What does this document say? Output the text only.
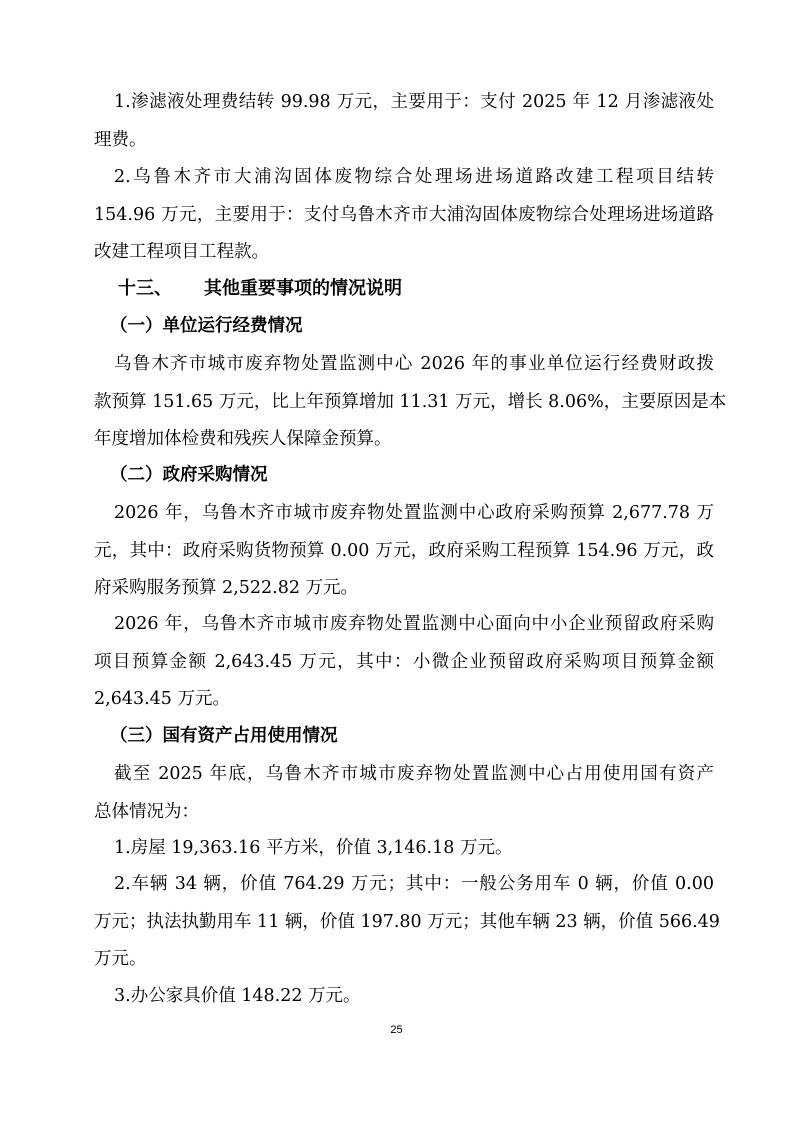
1.渗滤液处理费结转 99.98 万元，主要用于：支付 2025 年 12 月渗滤液处
理费。
2.乌鲁木齐市大浦沟固体废物综合处理场进场道路改建工程项目结转
154.96 万元，主要用于：支付乌鲁木齐市大浦沟固体废物综合处理场进场道路
改建工程项目工程款。
十三、 其他重要事项的情况说明
（一）单位运行经费情况
乌鲁木齐市城市废弃物处置监测中心 2026 年的事业单位运行经费财政拨
款预算 151.65 万元，比上年预算增加 11.31 万元，增长 8.06%，主要原因是本
年度增加体检费和残疾人保障金预算。
（二）政府采购情况
2026 年，乌鲁木齐市城市废弃物处置监测中心政府采购预算 2,677.78 万
元，其中：政府采购货物预算 0.00 万元，政府采购工程预算 154.96 万元，政
府采购服务预算 2,522.82 万元。
2026 年，乌鲁木齐市城市废弃物处置监测中心面向中小企业预留政府采购
项目预算金额 2,643.45 万元，其中：小微企业预留政府采购项目预算金额
2,643.45 万元。
（三）国有资产占用使用情况
截至 2025 年底，乌鲁木齐市城市废弃物处置监测中心占用使用国有资产
总体情况为：
1.房屋 19,363.16 平方米，价值 3,146.18 万元。
2.车辆 34 辆，价值 764.29 万元；其中：一般公务用车 0 辆，价值 0.00
万元；执法执勤用车 11 辆，价值 197.80 万元；其他车辆 23 辆，价值 566.49
万元。
3.办公家具价值 148.22 万元。
25
